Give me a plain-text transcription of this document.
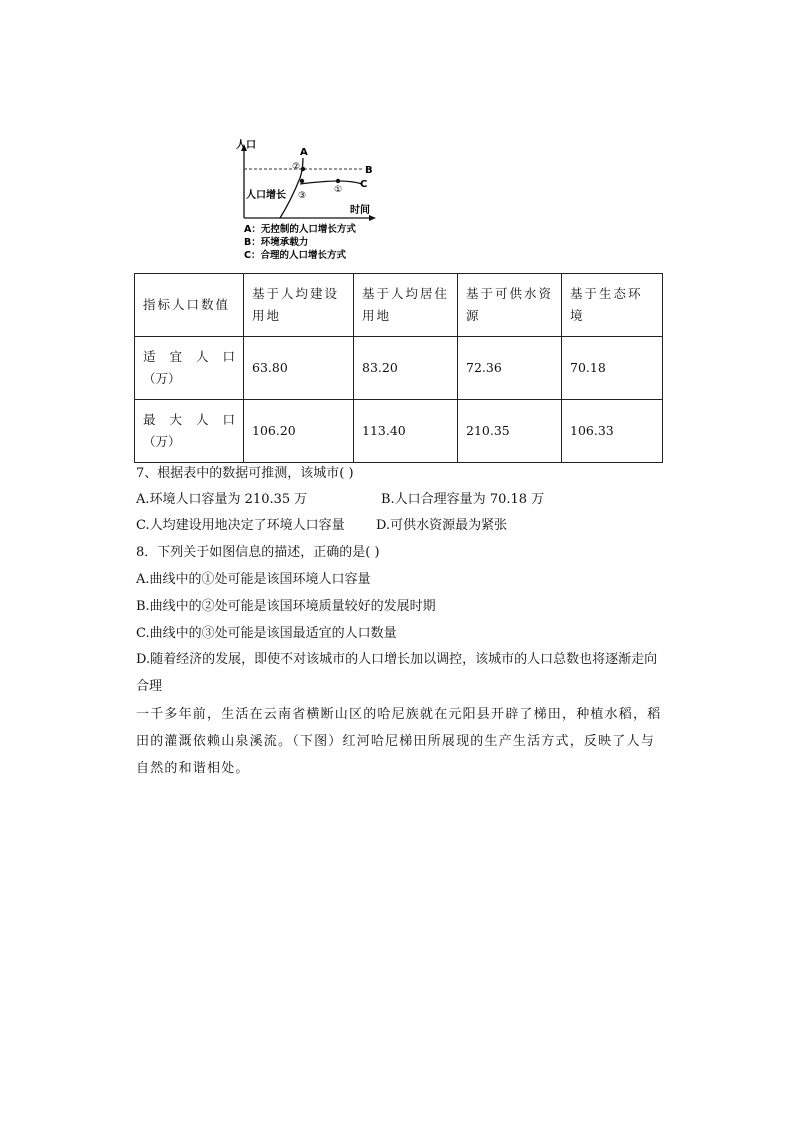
人口
时间
B
A
C
②
③
①
人口增长
A：无控制的人口增长方式
B：环境承载力
C：合理的人口增长方式
指标人口数值	基于人均建设用地	基于人均居住用地	基于可供水资源	基于生态环境

适宜人口
（万）	63.80	83.20	72.36	70.18

最大人口
（万）	106.20	113.40	210.35	106.33
7、根据表中的数据可推测，该城市( )
A.环境人口容量为 210.35 万	B.人口合理容量为 70.18 万
C.人均建设用地决定了环境人口容量 D.可供水资源最为紧张
8．下列关于如图信息的描述，正确的是( )
A.曲线中的①处可能是该国环境人口容量
B.曲线中的②处可能是该国环境质量较好的发展时期
C.曲线中的③处可能是该国最适宜的人口数量
D.随着经济的发展，即使不对该城市的人口增长加以调控，该城市的人口总数也将逐渐走向合理
一千多年前，生活在云南省横断山区的哈尼族就在元阳县开辟了梯田，种植水稻，稻田的灌溉依赖山泉溪流。（下图）红河哈尼梯田所展现的生产生活方式，反映了人与自然的和谐相处。
